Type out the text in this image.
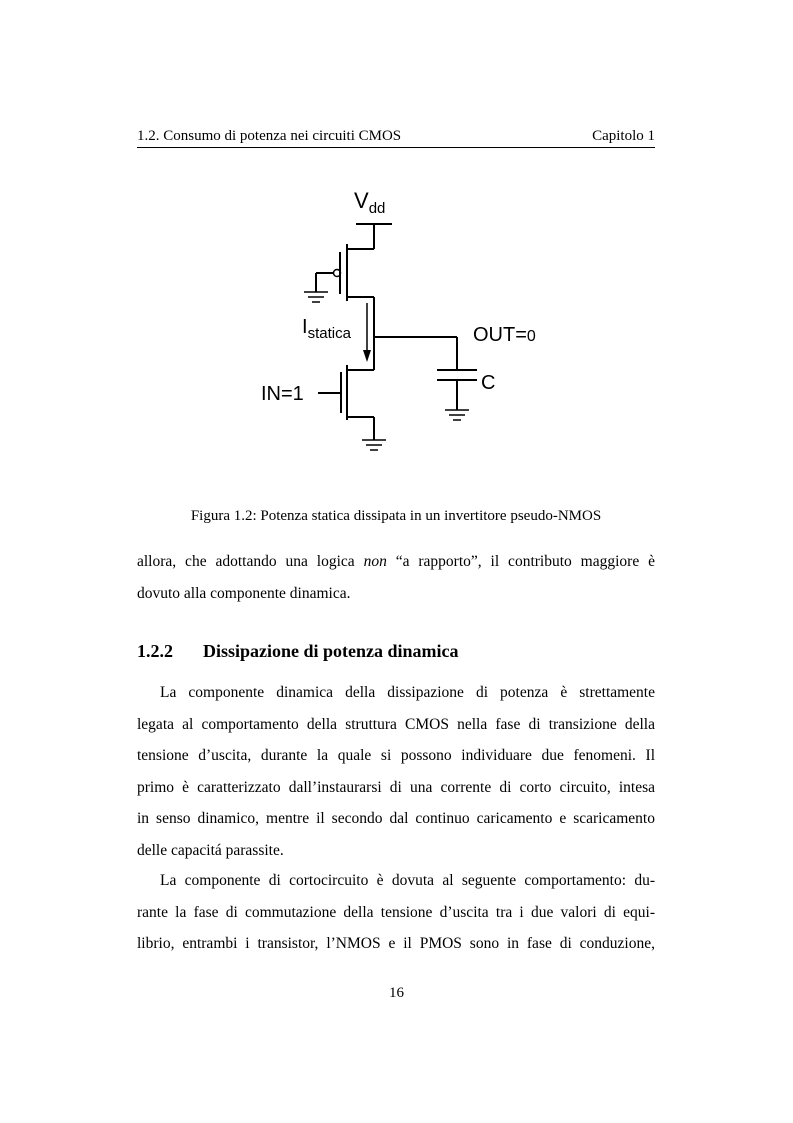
1.2. Consumo di potenza nei circuiti CMOS	Capitolo 1
$V_{dd}$
$I_{statica}$	OUT=0
IN=1	C
Figura 1.2: Potenza statica dissipata in un invertitore pseudo-NMOS
allora, che adottando una logica non “a rapporto”, il contributo maggiore è
dovuto alla componente dinamica.
1.2.2 Dissipazione di potenza dinamica
La componente dinamica della dissipazione di potenza è strettamente
legata al comportamento della struttura CMOS nella fase di transizione della
tensione d’uscita, durante la quale si possono individuare due fenomeni. Il
primo è caratterizzato dall’instaurarsi di una corrente di corto circuito, intesa
in senso dinamico, mentre il secondo dal continuo caricamento e scaricamento
delle capacitá parassite.
La componente di cortocircuito è dovuta al seguente comportamento: du-
rante la fase di commutazione della tensione d’uscita tra i due valori di equi-
librio, entrambi i transistor, l’NMOS e il PMOS sono in fase di conduzione,
16
